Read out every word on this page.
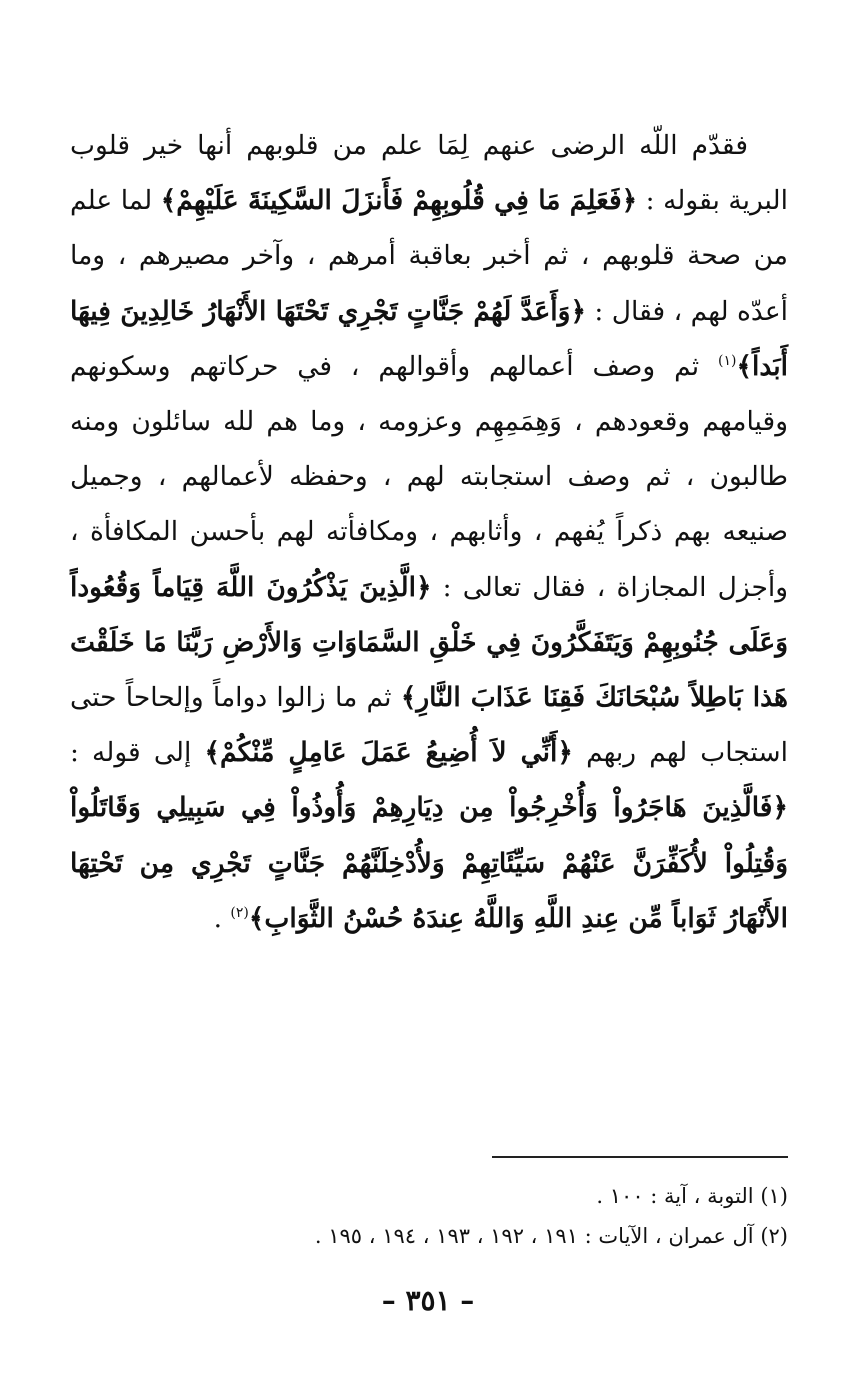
فقدّم اللّه الرضى عنهم لِمَا علم من قلوبهم أنها خير قلوب البرية بقوله : ﴿فَعَلِمَ مَا فِي قُلُوبِهِمْ فَأَنزَلَ السَّكِينَةَ عَلَيْهِمْ﴾ لما علم من صحة قلوبهم ، ثم أخبر بعاقبة أمرهم ، وآخر مصيرهم ، وما أعدّه لهم ، فقال : ﴿وَأَعَدَّ لَهُمْ جَنَّاتٍ تَجْرِي تَحْتَهَا الأَنْهَارُ خَالِدِينَ فِيهَا أَبَداً﴾$^{(١)}$ ثم وصف أعمالهم وأقوالهم ، في حركاتهم وسكونهم وقيامهم وقعودهم ، وَهِمَمِهِم وعزومه ، وما هم لله سائلون ومنه طالبون ، ثم وصف استجابته لهم ، وحفظه لأعمالهم ، وجميل صنيعه بهم ذكراً يُفهم ، وأثابهم ، ومكافأته لهم بأحسن المكافأة ، وأجزل المجازاة ، فقال تعالى : ﴿الَّذِينَ يَذْكُرُونَ اللَّهَ قِيَاماً وَقُعُوداً وَعَلَى جُنُوبِهِمْ وَيَتَفَكَّرُونَ فِي خَلْقِ السَّمَاوَاتِ وَالأَرْضِ رَبَّنَا مَا خَلَقْتَ هَذا بَاطِلاً سُبْحَانَكَ فَقِنَا عَذَابَ النَّارِ﴾ ثم ما زالوا دواماً وإلحاحاً حتى استجاب لهم ربهم ﴿أَنِّي لاَ أُضِيعُ عَمَلَ عَامِلٍ مِّنْكُمْ﴾ إلى قوله : ﴿فَالَّذِينَ هَاجَرُواْ وَأُخْرِجُواْ مِن دِيَارِهِمْ وَأُوذُواْ فِي سَبِيلِي وَقَاتَلُواْ وَقُتِلُواْ لأُكَفِّرَنَّ عَنْهُمْ سَيِّئَاتِهِمْ وَلأُدْخِلَنَّهُمْ جَنَّاتٍ تَجْرِي مِن تَحْتِهَا الأَنْهَارُ ثَوَاباً مِّن عِندِ اللَّهِ وَاللَّهُ عِندَهُ حُسْنُ الثَّوَابِ﴾$^{(٢)}$ .

(١) التوبة ، آية : ١٠٠ .

(٢) آل عمران ، الآيات : ١٩١ ، ١٩٢ ، ١٩٣ ، ١٩٤ ، ١٩٥ .

– ٣٥١ –
